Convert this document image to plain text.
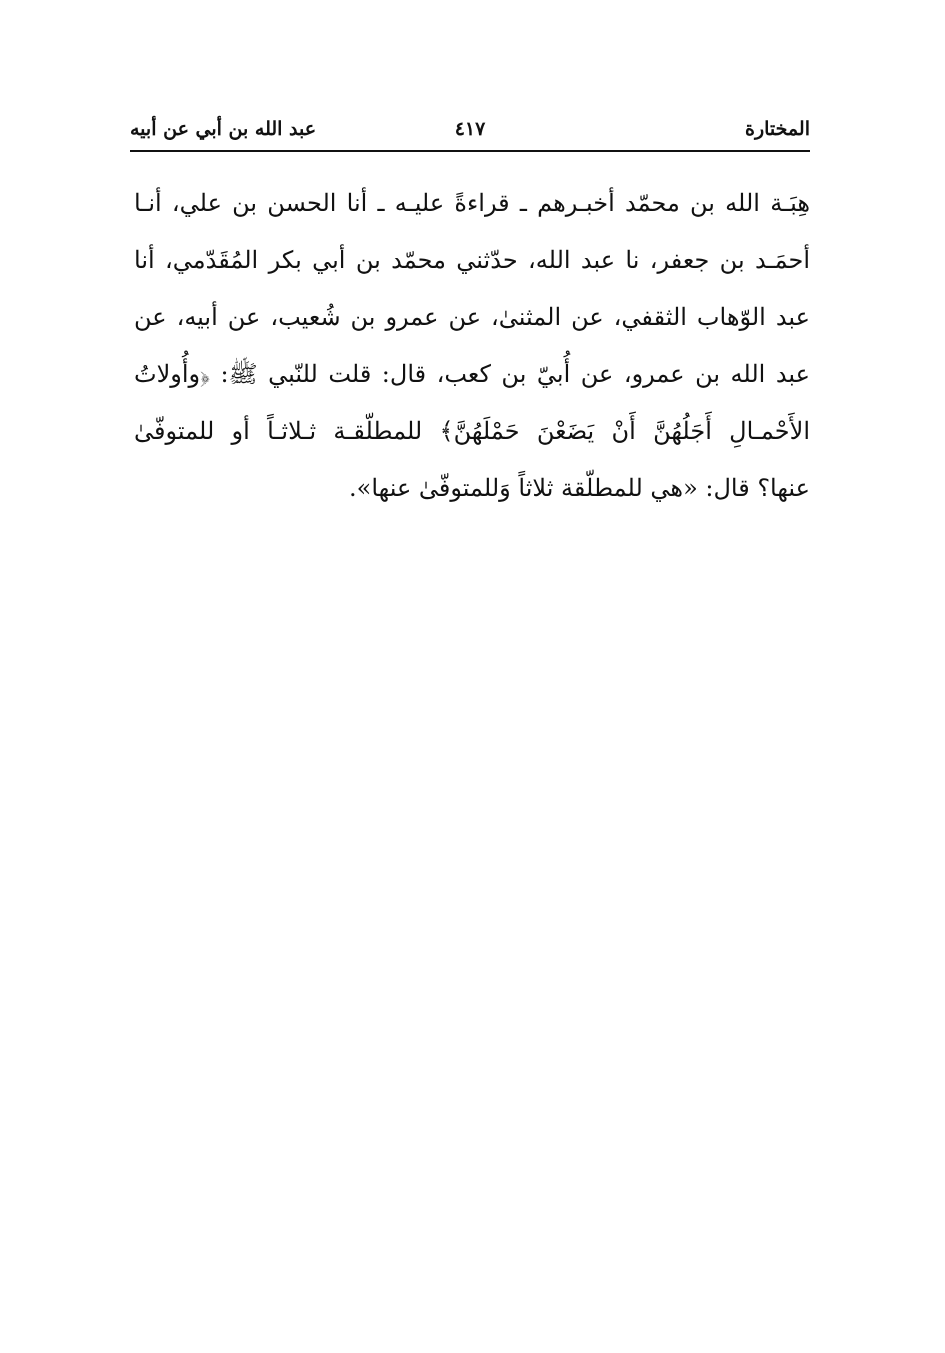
المختارة
٤١٧
عبد الله بن أبي عن أبيه
هِبَـة الله بن محمّد أخبـرهم ـ قراءةً عليـه ـ أنا الحسن بن علي، أنـا
أحمَـد بن جعفر، نا عبد الله، حدّثني محمّد بن أبي بكر المُقَدّمي، أنا
عبد الوّهاب الثقفي، عن المثنىٰ، عن عمرو بن شُعيب، عن أبيه، عن
عبد الله بن عمرو، عن أُبيّ بن كعب، قال: قلت للنّبي ﷺ: ﴿وأُولاتُ
الأَحْمـالِ أَجَلُهُنَّ أَنْ يَضَعْنَ حَمْلَهُنَّ﴾ للمطلّقـة ثـلاثـاً أو للمتوفّىٰ
عنها؟ قال: «هي للمطلّقة ثلاثاً وَللمتوفّىٰ عنها».
